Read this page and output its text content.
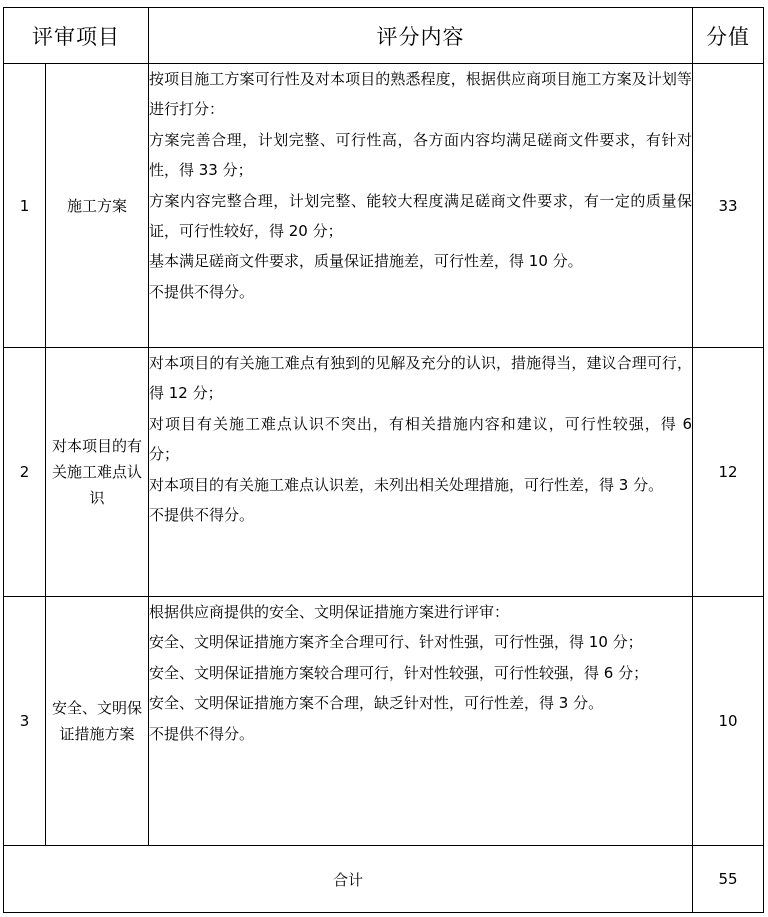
评审项目		评分内容	分值
1	施工方案	按项目施工方案可行性及对本项目的熟悉程度，根据供应商项目施工方案及计划等进行打分：

方案完善合理，计划完整、可行性高，各方面内容均满足磋商文件要求，有针对性，得 33 分；

方案内容完整合理，计划完整、能较大程度满足磋商文件要求，有一定的质量保证，可行性较好，得 20 分；

基本满足磋商文件要求，质量保证措施差，可行性差，得 10 分。

不提供不得分。	33
2	对本项目的有关施工难点认识	对本项目的有关施工难点有独到的见解及充分的认识，措施得当，建议合理可行，得 12 分；

对项目有关施工难点认识不突出，有相关措施内容和建议，可行性较强，得 6 分；

对本项目的有关施工难点认识差，未列出相关处理措施，可行性差，得 3 分。

不提供不得分。	12
3	安全、文明保证措施方案	根据供应商提供的安全、文明保证措施方案进行评审：

安全、文明保证措施方案齐全合理可行、针对性强，可行性强，得 10 分；

安全、文明保证措施方案较合理可行，针对性较强，可行性较强，得 6 分；

安全、文明保证措施方案不合理，缺乏针对性，可行性差，得 3 分。

不提供不得分。	10
合计			55
